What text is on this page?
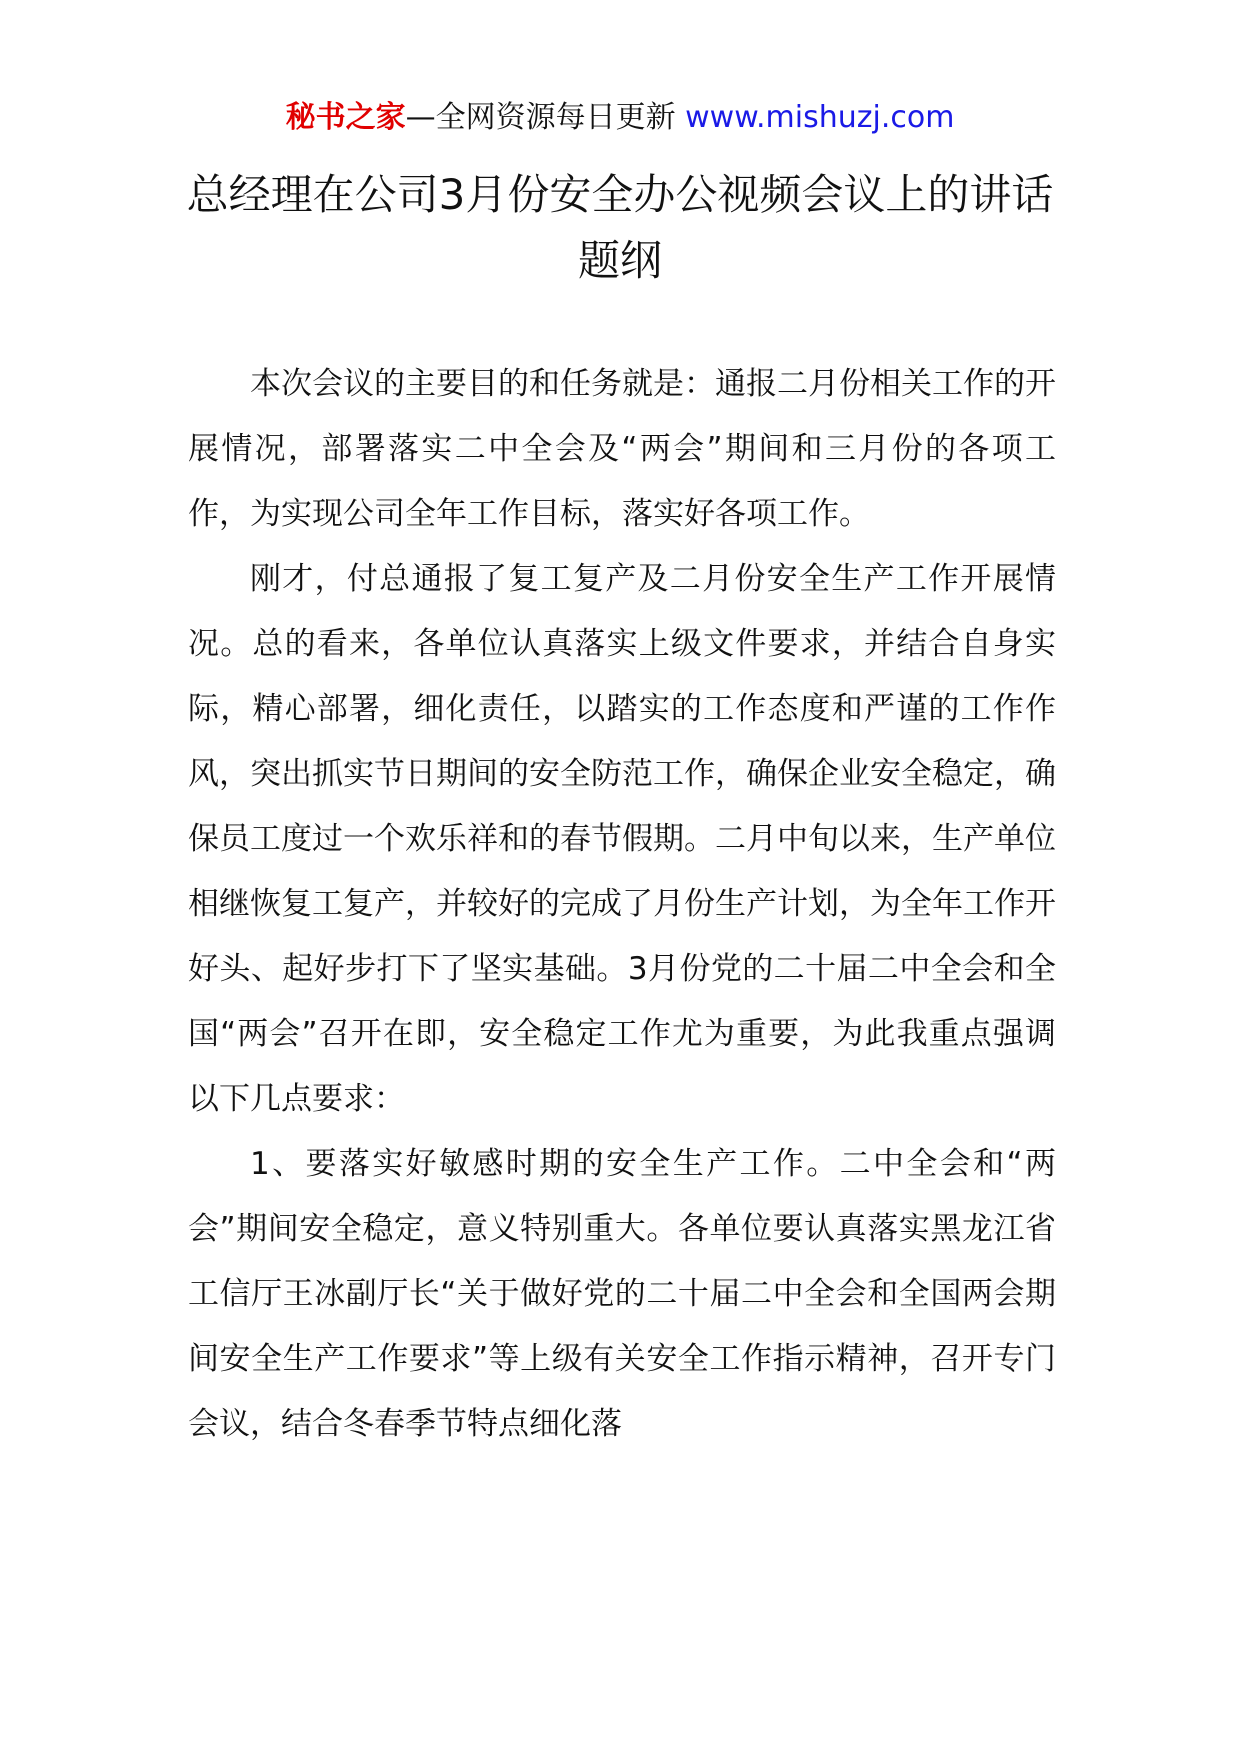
秘书之家—全网资源每日更新 www.mishuzj.com
总经理在公司3月份安全办公视频会议上的讲话题纲

本次会议的主要目的和任务就是：通报二月份相关工作的开展情况，部署落实二中全会及“两会”期间和三月份的各项工作，为实现公司全年工作目标，落实好各项工作。

刚才，付总通报了复工复产及二月份安全生产工作开展情况。总的看来，各单位认真落实上级文件要求，并结合自身实际，精心部署，细化责任，以踏实的工作态度和严谨的工作作风，突出抓实节日期间的安全防范工作，确保企业安全稳定，确保员工度过一个欢乐祥和的春节假期。二月中旬以来，生产单位相继恢复工复产，并较好的完成了月份生产计划，为全年工作开好头、起好步打下了坚实基础。3月份党的二十届二中全会和全国“两会”召开在即，安全稳定工作尤为重要，为此我重点强调以下几点要求：

1、要落实好敏感时期的安全生产工作。二中全会和“两会”期间安全稳定，意义特别重大。各单位要认真落实黑龙江省工信厅王冰副厅长“关于做好党的二十届二中全会和全国两会期间安全生产工作要求”等上级有关安全工作指示精神，召开专门会议，结合冬春季节特点细化落
